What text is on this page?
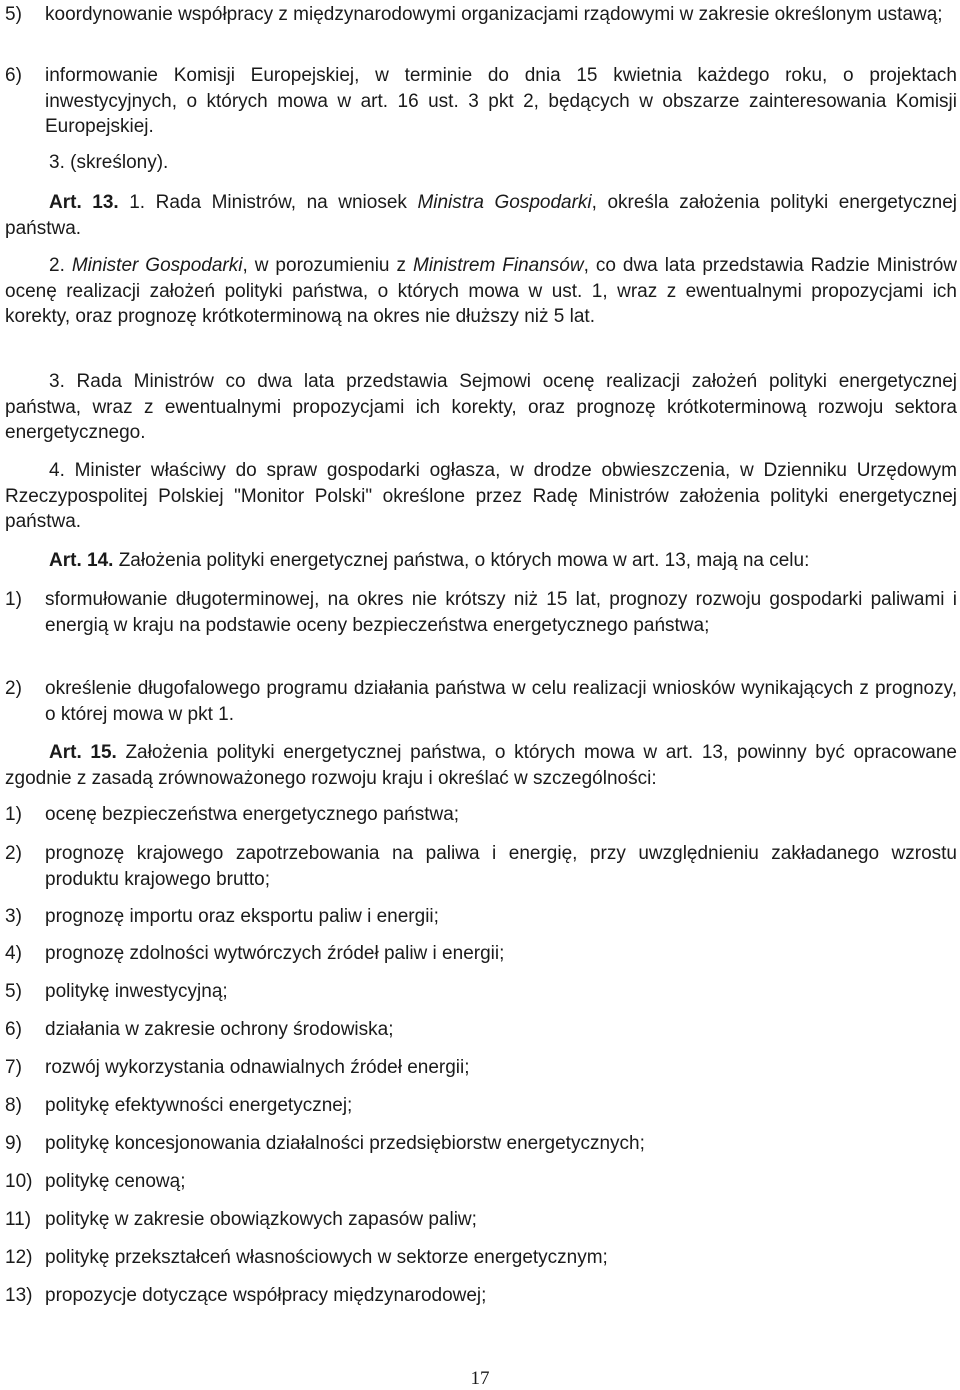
5) koordynowanie współpracy z międzynarodowymi organizacjami rządowymi w zakresie określonym ustawą;
6) informowanie Komisji Europejskiej, w terminie do dnia 15 kwietnia każdego roku, o projektach inwestycyjnych, o których mowa w art. 16 ust. 3 pkt 2, będących w obszarze zainteresowania Komisji Europejskiej.
3. (skreślony).
Art. 13. 1. Rada Ministrów, na wniosek Ministra Gospodarki, określa założenia polityki energetycznej państwa.
2. Minister Gospodarki, w porozumieniu z Ministrem Finansów, co dwa lata przedstawia Radzie Ministrów ocenę realizacji założeń polityki państwa, o których mowa w ust. 1, wraz z ewentualnymi propozycjami ich korekty, oraz prognozę krótkoterminową na okres nie dłuższy niż 5 lat.
3. Rada Ministrów co dwa lata przedstawia Sejmowi ocenę realizacji założeń polityki energetycznej państwa, wraz z ewentualnymi propozycjami ich korekty, oraz prognozę krótkoterminową rozwoju sektora energetycznego.
4. Minister właściwy do spraw gospodarki ogłasza, w drodze obwieszczenia, w Dzienniku Urzędowym Rzeczypospolitej Polskiej "Monitor Polski" określone przez Radę Ministrów założenia polityki energetycznej państwa.
Art. 14. Założenia polityki energetycznej państwa, o których mowa w art. 13, mają na celu:
1) sformułowanie długoterminowej, na okres nie krótszy niż 15 lat, prognozy rozwoju gospodarki paliwami i energią w kraju na podstawie oceny bezpieczeństwa energetycznego państwa;
2) określenie długofalowego programu działania państwa w celu realizacji wniosków wynikających z prognozy, o której mowa w pkt 1.
Art. 15. Założenia polityki energetycznej państwa, o których mowa w art. 13, powinny być opracowane zgodnie z zasadą zrównoważonego rozwoju kraju i określać w szczególności:
1) ocenę bezpieczeństwa energetycznego państwa;
2) prognozę krajowego zapotrzebowania na paliwa i energię, przy uwzględnieniu zakładanego wzrostu produktu krajowego brutto;
3) prognozę importu oraz eksportu paliw i energii;
4) prognozę zdolności wytwórczych źródeł paliw i energii;
5) politykę inwestycyjną;
6) działania w zakresie ochrony środowiska;
7) rozwój wykorzystania odnawialnych źródeł energii;
8) politykę efektywności energetycznej;
9) politykę koncesjonowania działalności przedsiębiorstw energetycznych;
10) politykę cenową;
11) politykę w zakresie obowiązkowych zapasów paliw;
12) politykę przekształceń własnościowych w sektorze energetycznym;
13) propozycje dotyczące współpracy międzynarodowej;
17
